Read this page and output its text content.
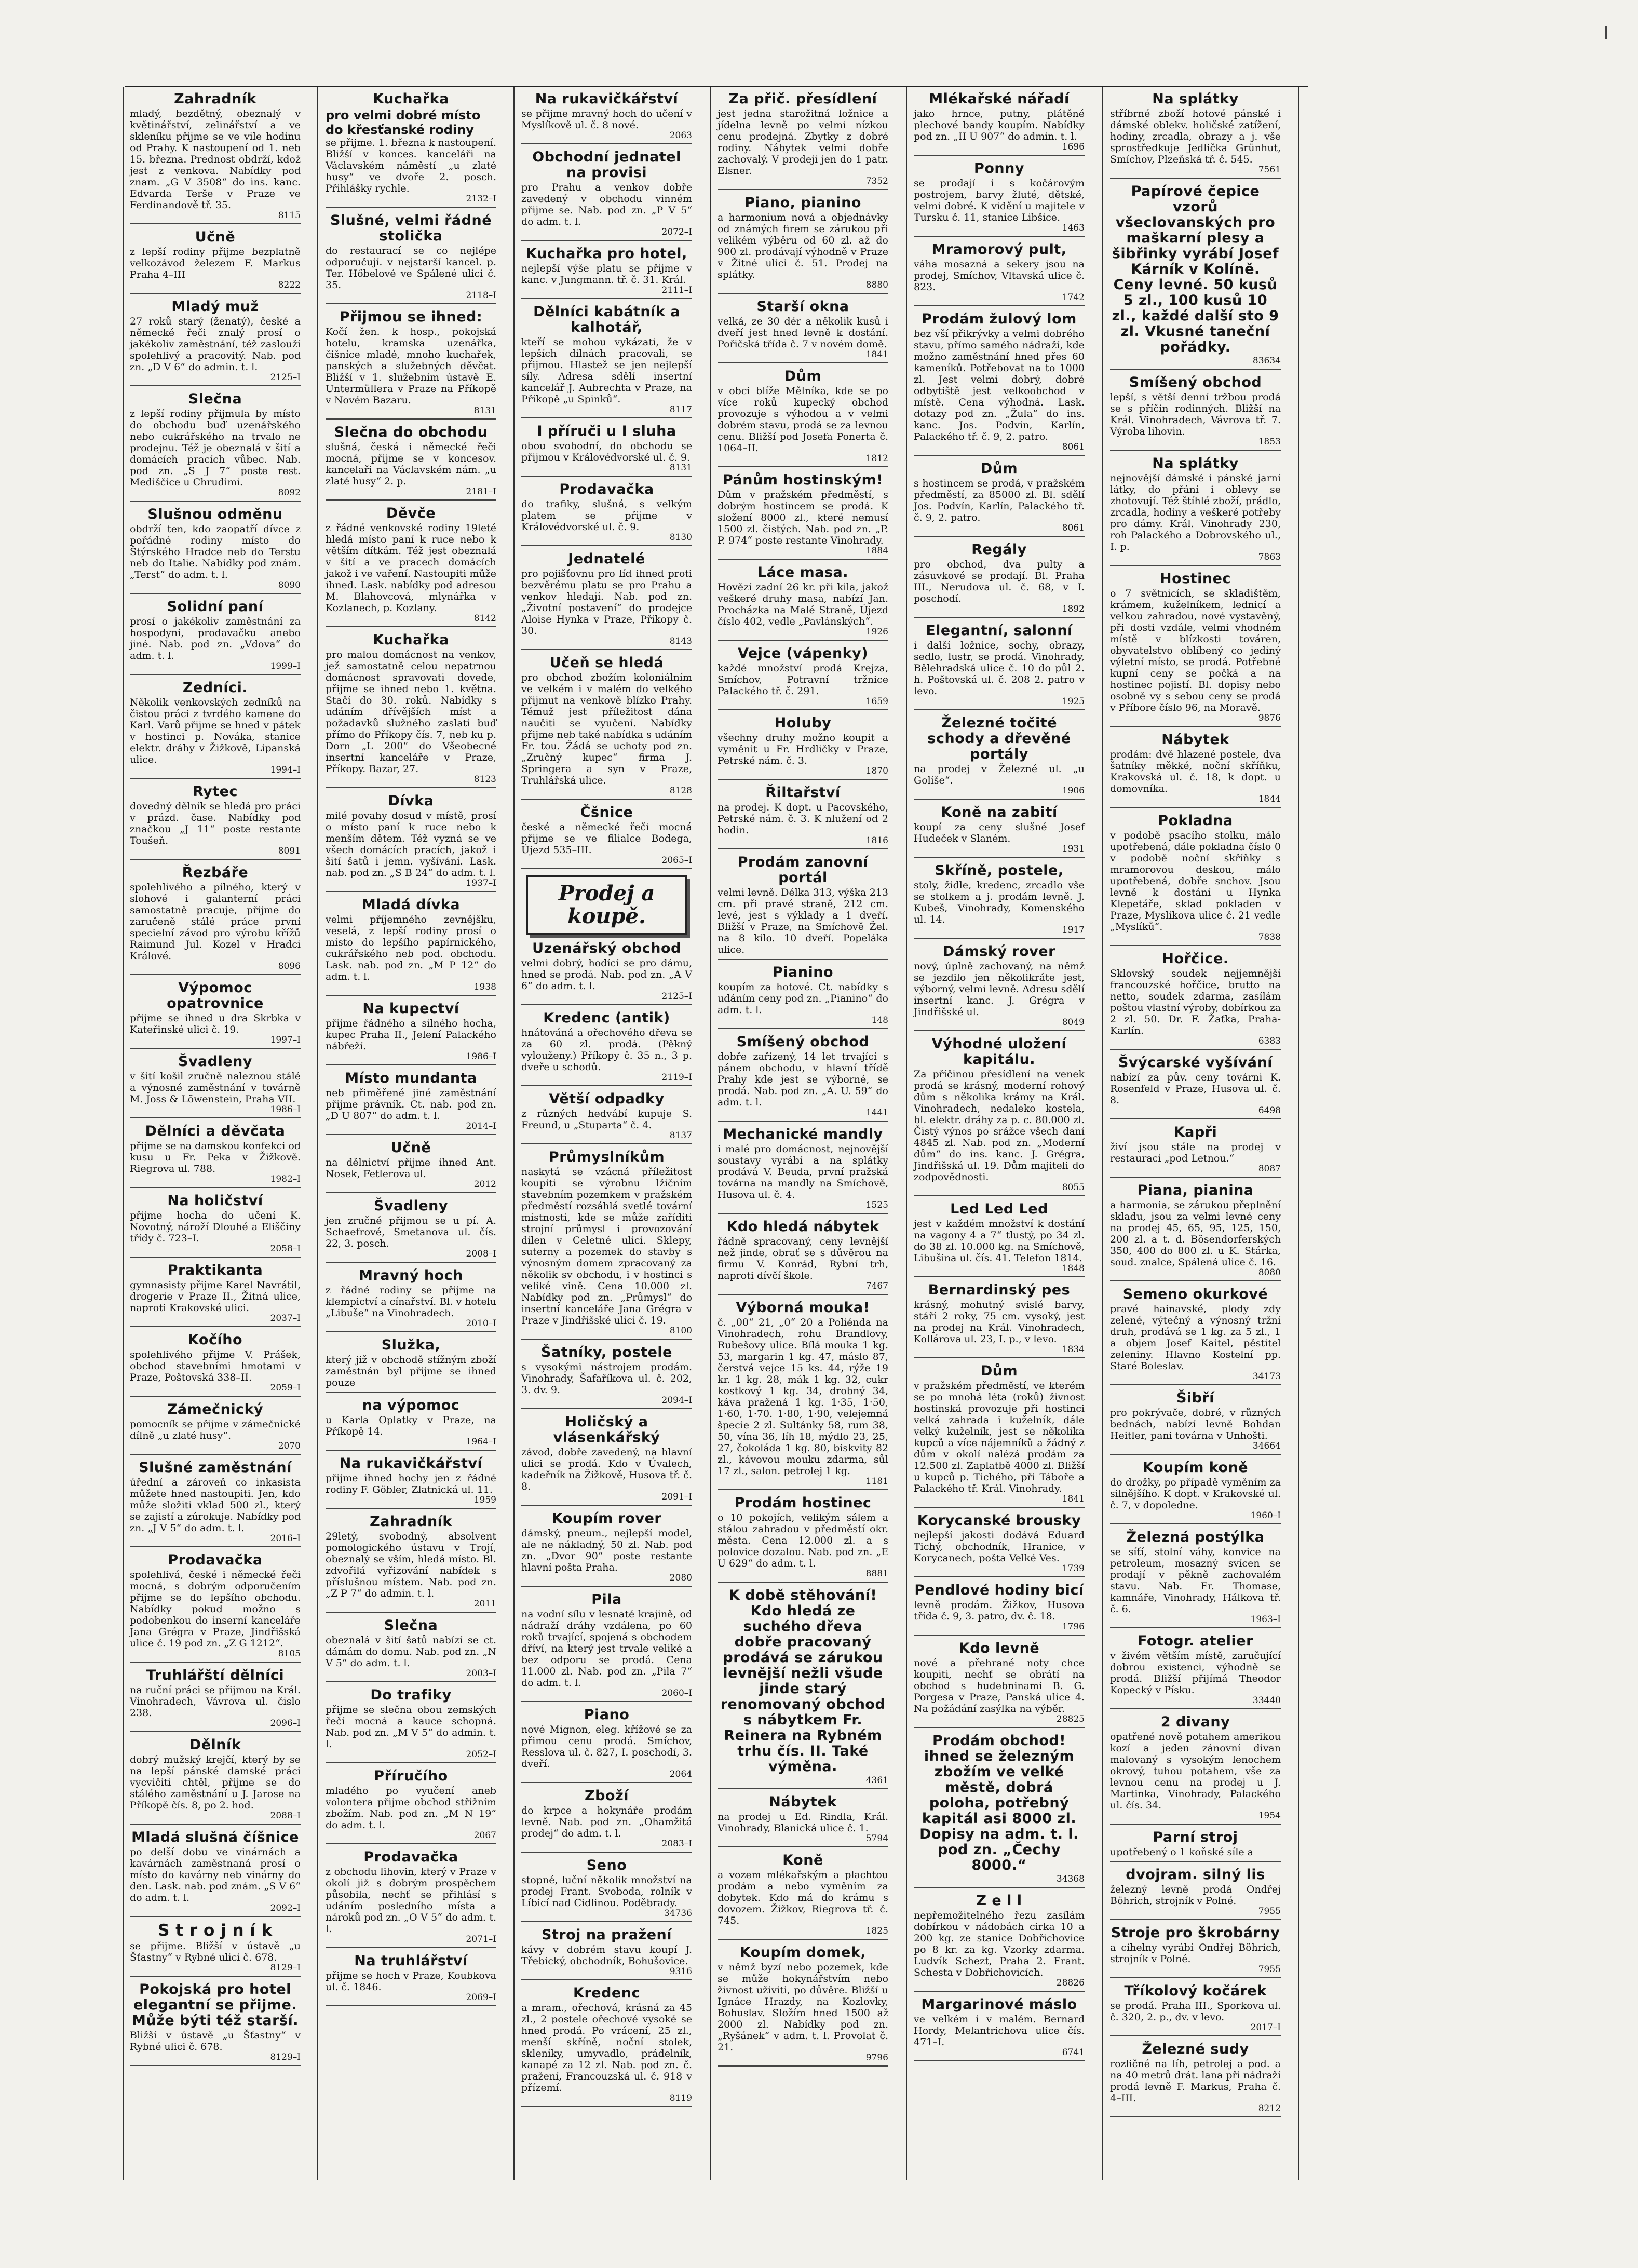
Zahradník

mladý, bezdětný, obeznalý v květinářství, zelinářství a ve skleníku přijme se ve vile hodinu od Prahy. K nastoupení od 1. neb 15. března. Prednost obdrží, kdož jest z venkova. Nabídky pod znam. „G V 3508“ do ins. kanc. Edvarda Terše v Praze ve Ferdinandově tř. 35.

8115
Učně

z lepší rodiny přijme bezplatně velkozávod železem F. Markus Praha 4–III

8222
Mladý muž

27 roků starý (ženatý), české a německé řeči znalý prosí o jakékoliv zaměstnání, též zaslouží spolehlivý a pracovitý. Nab. pod zn. „D V 6“ do admin. t. l.

2125–I
Slečna

z lepší rodiny přijmula by místo do obchodu buď uzenářského nebo cukrářského na trvalo ne prodejnu. Též je obeznalá v šití a domácích pracích vůbec. Nab. pod zn. „S J 7“ poste rest. Mediščice u Chrudimi.

8092
Slušnou odměnu

obdrží ten, kdo zaopatří dívce z pořádné rodiny místo do Štýrského Hradce neb do Terstu neb do Italie. Nabídky pod znám. „Terst“ do adm. t. l.

8090
Solidní paní

prosí o jakékoliv zaměstnání za hospodyni, prodavačku anebo jiné. Nab. pod zn. „Vdova“ do adm. t. l.

1999–I
Zedníci.

Několik venkovských zedníků na čistou práci z tvrdého kamene do Karl. Varů přijme se hned v pátek v hostinci p. Nováka, stanice elektr. dráhy v Žižkově, Lipanská ulice.

1994–I
Rytec

dovedný dělník se hledá pro práci v prázd. čase. Nabídky pod značkou „J 11“ poste restante Toušeň.

8091
Řezbáře

spolehlivého a pilného, který v slohové i galanterní práci samostatně pracuje, přijme do zaručeně stálé práce první specielní závod pro výrobu křížů Raimund Jul. Kozel v Hradci Králové.

8096
Výpomoc opatrovnice

přijme se ihned u dra Skrbka v Kateřinské ulici č. 19.

1997–I
Švadleny

v šití košil zručně naleznou stálé a výnosné zaměstnání v továrně M. Joss & Löwenstein, Praha VII.

1986–I
Dělníci a děvčata

přijme se na damskou konfekci od kusu u Fr. Peka v Žižkově. Riegrova ul. 788.

1982–I
Na holičství

přijme hocha do učení K. Novotný, nároží Dlouhé a Eliščiny třídy č. 723–I.

2058–I
Praktikanta

gymnasisty přijme Karel Navrátil, drogerie v Praze II., Žitná ulice, naproti Krakovské ulici.

2037–I
Kočího

spolehlivého přijme V. Prášek, obchod stavebními hmotami v Praze, Poštovská 338–II.

2059–I
Zámečnický

pomocník se přijme v zámečnické dílně „u zlaté husy“.

2070
Slušné zaměstnání

úřední a zároveň co inkasista můžete hned nastoupiti. Jen, kdo může složiti vklad 500 zl., který se zajistí a zúrokuje. Nabídky pod zn. „J V 5“ do adm. t. l.

2016–I
Prodavačka

spolehlivá, české i německé řeči mocná, s dobrým odporučením přijme se do lepšího obchodu. Nabídky pokud možno s podobenkou do inserní kanceláře Jana Grégra v Praze, Jindřišská ulice č. 19 pod zn. „Z G 1212“.

8105
Truhlářští dělníci

na ruční práci se přijmou na Král. Vinohradech, Vávrova ul. čislo 238.

2096–I
Dělník

dobrý mužský krejčí, který by se na lepší pánské damské práci vycvičiti chtěl, přijme se do stálého zaměstnání u J. Jarose na Příkopě čís. 8, po 2. hod.

2088–I
Mladá slušná číšnice

po delší dobu ve vinárnách a kavárnách zaměstnaná prosí o místo do kavárny neb vinárny do den. Lask. nab. pod znám. „S V 6“ do adm. t. l.

2092–I
S t r o j n í k

se přijme. Bližší v ústavě „u Šťastny“ v Rybné ulici č. 678.

8129–I
Pokojská pro hotel elegantní se přijme. Může býti též starší.

Bližší v ústavě „u Šťastny“ v Rybné ulici č. 678.

8129–I
Kuchařka

pro velmi dobré místo do křesťanské rodiny

se přijme. 1. března k nastoupení. Bližší v konces. kanceláři na Václavském náměstí „u zlaté husy“ ve dvoře 2. posch. Přihlášky rychle.

2132–I
Slušné, velmi řádné stolička

do restaurací se co nejlépe odporučují. v nejstarší kancel. p. Ter. Hőbelové ve Spálené ulici č. 35.

2118–I
Přijmou se ihned:

Kočí žen. k hosp., pokojská hotelu, kramska uzenářka, čišníce mladé, mnoho kuchařek, panských a služebných děvčat. Bližší v 1. služebním ústavě E. Untermüllera v Praze na Příkopě v Novém Bazaru.

8131
Slečna do obchodu

slušná, česká i německé řeči mocná, přijme se v koncesov. kancelaři na Václavském nám. „u zlaté husy“ 2. p.

2181–I
Děvče

z řádné venkovské rodiny 19leté hledá místo paní k ruce nebo k větším dítkám. Též jest obeznalá v šití a ve pracech domácích jakož i ve vaření. Nastoupiti může ihned. Lask. nabídky pod adresou M. Blahovcová, mlynářka v Kozlanech, p. Kozlany.

8142
Kuchařka

pro malou domácnost na venkov, jež samostatně celou nepatrnou domácnost spravovati dovede, přijme se ihned nebo 1. května. Stačí do 30. roků. Nabídky s udáním dřívějších míst a požadavků služného zaslati buď přímo do Příkopy čís. 7, neb ku p. Dorn „L 200“ do Všeobecné insertní kanceláře v Praze, Příkopy. Bazar, 27.

8123
Dívka

milé povahy dosud v místě, prosí o místo paní k ruce nebo k menším dětem. Též vyzná se ve všech domácích pracích, jakož i šití šatů i jemn. vyšívání. Lask. nab. pod zn. „S B 24“ do adm. t. l.

1937–I
Mladá dívka

velmi příjemného zevnějšku, veselá, z lepší rodiny prosí o místo do lepšího papírnického, cukrářského neb pod. obchodu. Lask. nab. pod zn. „M P 12“ do adm. t. l.

1938
Na kupectví

přijme řádného a silného hocha, kupec Praha II., Jelení Palackého nábřeží.

1986–I
Místo mundanta

neb přiměřené jiné zaměstnání přijme právník. Ct. nab. pod zn. „D U 807“ do adm. t. l.

2014–I
Učně

na dělnictví přijme ihned Ant. Nosek, Fetlerova ul.

2012
Švadleny

jen zručné přijmou se u pí. A. Schaefrové, Smetanova ul. čís. 22, 3. posch.

2008–I
Mravný hoch

z řádné rodiny se přijme na klempictví a cínařství. Bl. v hotelu „Libuše“ na Vinohradech.

2010–I
Služka,

který již v obchodě stížným zboží zaměstnán byl přijme se ihned pouze

na výpomoc

u Karla Oplatky v Praze, na Příkopě 14.

1964–I
Na rukavičkářství

přijme ihned hochy jen z řádné rodiny F. Göbler, Zlatnická ul. 11.

1959
Zahradník

29letý, svobodný, absolvent pomologického ústavu v Trojí, obeznalý se vším, hledá místo. Bl. zdvořilá vyřizování nabídek s příslušnou místem. Nab. pod zn. „Z P 7“ do admin. t. l.

2011
Slečna

obeznalá v šití šatů nabízí se ct. dámám do domu. Nab. pod zn. „N V 5“ do adm. t. l.

2003–I
Do trafiky

přijme se slečna obou zemských řečí mocná a kauce schopná. Nab. pod zn. „M V 5“ do admin. t. l.

2052–I
Příručího

mladého po vyučení aneb volontera přijme obchod střižním zbožím. Nab. pod zn. „M N 19“ do adm. t. l.

2067
Prodavačka

z obchodu lihovin, který v Praze v okolí již s dobrým prospěchem působila, nechť se přihlásí s udáním posledního místa a nároků pod zn. „O V 5“ do adm. t. l.

2071–I
Na truhlářství

přijme se hoch v Praze, Koubkova ul. č. 1846.

2069–I
Na rukavičkářství

se přijme mravný hoch do učení v Myslíkově ul. č. 8 nové.

2063
Obchodní jednatel na provisi

pro Prahu a venkov dobře zavedený v obchodu vinném přijme se. Nab. pod zn. „P V 5“ do adm. t. l.

2072–I
Kuchařka pro hotel,

nejlepší výše platu se přijme v kanc. v Jungmann. tř. č. 31. Král.

2111–I
Dělníci kabátník a kalhotář,

kteří se mohou vykázati, že v lepších dílnách pracovali, se přijmou. Hlastež se jen nejlepší síly. Adresa sdělí insertní kancelář J. Aubrechta v Praze, na Příkopě „u Spinků“.

8117
I příruči u I sluha

obou svobodní, do obchodu se přijmou v Královédvorské ul. č. 9.

8131
Prodavačka

do trafiky, slušná, s velkým platem se přijme v Královédvorské ul. č. 9.

8130
Jednatelé

pro pojišťovnu pro líd ihned proti bezvěrému platu se pro Prahu a venkov hledají. Nab. pod zn. „Životní postavení“ do prodejce Aloise Hynka v Praze, Příkopy č. 30.

8143
Učeň se hledá

pro obchod zbožím koloniálním ve velkém i v malém do velkého přijmut na venkově blízko Prahy. Témuž jest příležitost dána naučiti se vyučení. Nabídky přijme neb také nabídka s udáním Fr. tou. Žádá se uchoty pod zn. „Zručný kupec“ firma J. Springera a syn v Praze, Truhlářská ulice.

8128
Čšnice

české a německé řeči mocná přijme se ve filialce Bodega, Újezd 535–III.

2065–I
Prodej a koupě.
Uzenářský obchod

velmi dobrý, hodící se pro dámu, hned se prodá. Nab. pod zn. „A V 6“ do adm. t. l.

2125–I
Kredenc (antik)

hnátováná a ořechového dřeva se za 60 zl. prodá. (Pěkný vylouženy.) Příkopy č. 35 n., 3 p. dveře u schodů.

2119–I
Větší odpadky

z různých hedvábí kupuje S. Freund, u „Stuparta“ č. 4.

8137
Průmyslníkům

naskytá se vzácná příležitost koupiti se výrobnu lžičním stavebním pozemkem v pražském předměstí rozsáhlá svetlé tovární místnosti, kde se může zaříditi strojní průmysl i provozování dílen v Celetné ulici. Sklepy, suterny a pozemek do stavby s výnosným domem zpracovaný za několik sv obchodu, i v hostinci s veliké vině. Cena 10.000 zl. Nabídky pod zn. „Průmysl“ do insertní kanceláře Jana Grégra v Praze v Jindřišské ulici č. 19.

8100
Šatníky, postele

s vysokými nástrojem prodám. Vinohrady, Šafaříkova ul. č. 202, 3. dv. 9.

2094–I
Holičský a vlásenkářský

závod, dobře zavedený, na hlavní ulici se prodá. Kdo v Úvalech, kadeřník na Žižkově, Husova tř. č. 8.

2091–I
Koupím rover

dámský, pneum., nejlepší model, ale ne nákladný, 50 zl. Nab. pod zn. „Dvor 90“ poste restante hlavní pošta Praha.

2080
Pila

na vodní sílu v lesnaté krajině, od nádraží dráhy vzdálena, po 60 roků trvající, spojená s obchodem dříví, na který jest trvale veliké a bez odporu se prodá. Cena 11.000 zl. Nab. pod zn. „Pila 7“ do adm. t. l.

2060–I
Piano

nové Mignon, eleg. křížové se za přimou cenu prodá. Smíchov, Resslova ul. č. 827, I. poschodí, 3. dveří.

2064
Zboží

do krpce a hokynáře prodám levně. Nab. pod zn. „Ohamžitá prodej“ do adm. t. l.

2083–I
Seno

stopné, luční několik množství na prodej Frant. Svoboda, rolník v Líbicí nad Cidlinou. Poděbrady.

34736
Stroj na pražení

kávy v dobrém stavu koupí J. Třebický, obchodník, Bohušovice.

9316
Kredenc

a mram., ořechová, krásná za 45 zl., 2 postele ořechové vysoké se hned prodá. Po vrácení, 25 zl., menší skříně, noční stolek, skleníky, umyvadlo, prádelník, kanapé za 12 zl. Nab. pod zn. č. pražení, Francouzská ul. č. 918 v přízemí.

8119
Za přič. přesídlení

jest jedna starožitná ložnice a jídelna levně po velmi nízkou cenu prodejná. Zbytky z dobré rodiny. Nábytek velmi dobře zachovalý. V prodeji jen do 1 patr. Elsner.

7352
Piano, pianino

a harmonium nová a objednávky od známých firem se zárukou při velikém výběru od 60 zl. až do 900 zl. prodávají výhodně v Praze v Žitné ulici č. 51. Prodej na splátky.

8880
Starší okna

velká, ze 30 dér a několik kusů i dveří jest hned levně k dostání. Pořičská třída č. 7 v novém domě.

1841
Dům

v obci blíže Mělníka, kde se po více roků kupecký obchod provozuje s výhodou a v velmi dobrém stavu, prodá se za levnou cenu. Bližší pod Josefa Ponerta č. 1064–II.

1812
Pánům hostinským!

Dům v pražském předměstí, s dobrým hostincem se prodá. K složení 8000 zl., které nemusí 1500 zl. čistých. Nab. pod zn. „P. P. 974“ poste restante Vinohrady.

1884
Láce masa.

Hovězí zadní 26 kr. při kila, jakož veškeré druhy masa, nabízí Jan. Procházka na Malé Straně, Újezd číslo 402, vedle „Pavlánských“.

1926
Vejce (vápenky)

každé množství prodá Krejza, Smíchov, Potravní tržnice Palackého tř. č. 291.

1659
Holuby

všechny druhy možno koupit a vyměnit u Fr. Hrdličky v Praze, Petrské nám. č. 3.

1870
Řiltařství

na prodej. K dopt. u Pacovského, Petrské nám. č. 3. K nlužení od 2 hodin.

1816
Prodám zanovní portál

velmi levně. Délka 313, výška 213 cm. při pravé straně, 212 cm. levé, jest s výklady a 1 dveří. Bližší v Praze, na Smíchově Žel. na 8 kilo. 10 dveří. Popeláka ulice.

Pianino

koupím za hotové. Ct. nabídky s udáním ceny pod zn. „Pianino“ do adm. t. l.

148
Smíšený obchod

dobře zařízený, 14 let trvající s pánem obchodu, v hlavní třídě Prahy kde jest se výborné, se prodá. Nab. pod zn. „A. U. 59“ do adm. t. l.

1441
Mechanické mandly

i malé pro domácnost, nejnovější soustavy vyrábí a na splátky prodává V. Beuda, první pražská továrna na mandly na Smíchově, Husova ul. č. 4.

1525
Kdo hledá nábytek

řádně spracovaný, ceny levnější než jinde, obrať se s důvěrou na firmu V. Konrád, Rybní trh, naproti dívčí škole.

7467
Výborná mouka!

č. „00“ 21, „0“ 20 a Poliénda na Vinohradech, rohu Brandlovy, Rubešovy ulice. Bílá mouka 1 kg. 53, margarin 1 kg. 47, máslo 87, čerstvá vejce 15 ks. 44, rýže 19 kr. 1 kg. 28, mák 1 kg. 32, cukr kostkový 1 kg. 34, drobný 34, káva pražená 1 kg. 1·35, 1·50, 1·60, 1·70. 1·80, 1·90, velejemná špecie 2 zl. Sultánky 58, rum 38, 50, vína 36, líh 18, mýdlo 23, 25, 27, čokoláda 1 kg. 80, biskvity 82 zl., kávovou mouku zdarma, sůl 17 zl., salon. petrolej 1 kg.

1181
Prodám hostinec

o 10 pokojích, velikým sálem a stálou zahradou v předměstí okr. města. Cena 12.000 zl. a s polovice dozalou. Nab. pod zn. „E U 629“ do adm. t. l.

8881
K době stěhování! Kdo hledá ze suchého dřeva dobře pracovaný prodává se zárukou levnější nežli všude jinde starý renomovaný obchod s nábytkem Fr. Reinera na Rybném trhu čís. II. Také výměna.
4361
Nábytek

na prodej u Ed. Rindla, Král. Vinohrady, Blanická ulice č. 1.

5794
Koně

a vozem mlékařským a plachtou prodám a nebo vyměním za dobytek. Kdo má do krámu s dovozem. Žižkov, Riegrova tř. č. 745.

1825
Koupím domek,

v němž byzí nebo pozemek, kde se může hokynářstvím nebo živnost uživiti, po důvěre. Bližší u Ignáce Hrazdy, na Kozlovky, Bohuslav. Složím hned 1500 až 2000 zl. Nabídky pod zn. „Ryšánek“ v adm. t. l. Provolat č. 21.

9796
Mlékařské nářadí

jako hrnce, putny, plátěné plechové bandy koupím. Nabídky pod zn. „II U 907“ do admin. t. l.

1696
Ponny

se prodají i s kočárovým postrojem, barvy žluté, dětské, velmi dobré. K vidění u majitele v Tursku č. 11, stanice Libšice.

1463
Mramorový pult,

váha mosazná a sekery jsou na prodej, Smíchov, Vltavská ulice č. 823.

1742
Prodám žulový lom

bez vší přikrývky a velmi dobrého stavu, přímo samého nádraží, kde možno zaměstnání hned přes 60 kameníků. Potřebovat na to 1000 zl. Jest velmi dobrý, dobré odbytiště jest velkoobchod v místě. Cena výhodná. Lask. dotazy pod zn. „Žula“ do ins. kanc. Jos. Podvín, Karlín, Palackého tř. č. 9, 2. patro.

8061
Dům

s hostincem se prodá, v pražském předměstí, za 85000 zl. Bl. sdělí Jos. Podvín, Karlín, Palackého tř. č. 9, 2. patro.

8061
Regály

pro obchod, dva pulty a zásuvkové se prodají. Bl. Praha III., Nerudova ul. č. 68, v I. poschodí.

1892
Elegantní, salonní

i další ložnice, sochy, obrazy, sedlo, lustr, se prodá. Vinohrady, Bělehradská ulice č. 10 do půl 2. h. Poštovská ul. č. 208 2. patro v levo.

1925
Železné točité schody a dřevěné portály

na prodej v Železné ul. „u Golíše“.

1906
Koně na zabití

koupí za ceny slušné Josef Hudeček v Slaném.

1931
Skříně, postele,

stoly, židle, kredenc, zrcadlo vše se stolkem a j. prodám levně. J. Kubeš, Vinohrady, Komenského ul. 14.

1917
Dámský rover

nový, úplně zachovaný, na němž se jezdilo jen několikráte jest, výborný, velmi levně. Adresu sdělí insertní kanc. J. Grégra v Jindřišské ul.

8049
Výhodné uložení kapitálu.

Za příčinou přesídlení na venek prodá se krásný, moderní rohový dům s několika krámy na Král. Vinohradech, nedaleko kostela, bl. elektr. dráhy za p. c. 80.000 zl. Čistý výnos po srážce všech daní 4845 zl. Nab. pod zn. „Moderní dům“ do ins. kanc. J. Grégra, Jindřišská ul. 19. Dům majiteli do zodpovědnosti.

8055
Led Led Led

jest v každém množství k dostání na vagony 4 a 7“ tlustý, po 34 zl. do 38 zl. 10.000 kg. na Smíchově, Libušina ul. čís. 41. Telefon 1814.

1848
Bernardinský pes

krásný, mohutný svislé barvy, stáří 2 roky, 75 cm. vysoký, jest na prodej na Král. Vinohradech, Kollárova ul. 23, I. p., v levo.

1834
Dům

v pražském předměstí, ve kterém se po mnohá léta (roků) živnost hostinská provozuje při hostinci velká zahrada i kuželník, dále velký kuželník, jest se několika kupců a více nájemníků a žádný z dům v okolí nalézá prodám za 12.500 zl. Zaplatbě 4000 zl. Bližší u kupců p. Tichého, při Táboře a Palackého tř. Král. Vinohrady.

1841
Korycanské brousky

nejlepší jakosti dodává Eduard Tichý, obchodník, Hranice, v Korycanech, pošta Velké Ves.

1739
Pendlové hodiny bicí

levně prodám. Žižkov, Husova třída č. 9, 3. patro, dv. č. 18.

1796
Kdo levně

nové a přehrané noty chce koupiti, nechť se obrátí na obchod s hudebninami B. G. Porgesa v Praze, Panská ulice 4. Na požádání zasýlka na výběr.

28825
Prodám obchod! ihned se železným zbožím ve velké městě, dobrá poloha, potřebný kapitál asi 8000 zl. Dopisy na adm. t. l. pod zn. „Čechy 8000.“
34368
Z e l l

nepřemožitelného řezu zasílám dobírkou v nádobách cirka 10 a 200 kg. ze stanice Dobřichovice po 8 kr. za kg. Vzorky zdarma. Ludvík Schezt, Praha 2. Frant. Schesta v Dobřichovicích.

28826
Margarinové máslo

ve velkém i v malém. Bernard Hordy, Melantrichova ulice čís. 471–I.

6741
Na splátky

stříbrné zboží hotové pánské i dámské oblekv. holičské zatížení, hodiny, zrcadla, obrazy a j. vše sprostředkuje Jedlička Grünhut, Smíchov, Plzeňská tř. č. 545.

7561
Papírové čepice vzorů všeclovanských pro maškarní plesy a šibřinky vyrábí Josef Kárník v Kolíně. Ceny levné. 50 kusů 5 zl., 100 kusů 10 zl., každé další sto 9 zl. Vkusné taneční pořádky.
83634
Smíšený obchod

lepší, s větší denní tržbou prodá se s příčin rodinných. Bližší na Král. Vinohradech, Vávrova tř. 7. Výroba lihovin.

1853
Na splátky

nejnovější dámské i pánské jarní látky, do přání i oblevy se zhotovují. Též štíhlé zboží, prádlo, zrcadla, hodiny a veškeré potřeby pro dámy. Král. Vinohrady 230, roh Palackého a Dobrovského ul., I. p.

7863
Hostinec

o 7 světnicích, se skladištěm, krámem, kuželníkem, lednicí a velkou zahradou, nové vystavěný, při dosti vzdále, velmi vhodném místě v blízkosti továren, obyvatelstvo oblíbený co jediný výletní místo, se prodá. Potřebné kupní ceny se počká a na hostinec pojistí. Bl. dopisy nebo osobně vy s sebou ceny se prodá v Příbore číslo 96, na Moravě.

9876
Nábytek

prodám: dvě hlazené postele, dva šatníky měkké, noční skříňku, Krakovská ul. č. 18, k dopt. u domovníka.

1844
Pokladna

v podobě psacího stolku, málo upotřebená, dále pokladna číslo 0 v podobě noční skříňky s mramorovou deskou, málo upotřebená, dobře snchov. Jsou levně k dostání u Hynka Klepetáře, sklad pokladen v Praze, Myslíkova ulice č. 21 vedle „Myslíků“.

7838
Hořčice.

Sklovský soudek nejjemnější francouzské hořčice, brutto na netto, soudek zdarma, zasílám poštou vlastní výroby, dobírkou za 2 zl. 50. Dr. F. Žaťka, Praha-Karlín.

6383
Švýcarské vyšívání

nabízí za pův. ceny továrni K. Rosenfeld v Praze, Husova ul. č. 8.

6498
Kapři

živí jsou stále na prodej v restauraci „pod Letnou.“

8087
Piana, pianina

a harmonia, se zárukou přeplnění skladu, jsou za velmi levné ceny na prodej 45, 65, 95, 125, 150, 200 zl. a t. d. Bösendorferských 350, 400 do 800 zl. u K. Stárka, soud. znalce, Spálená ulice č. 16.

8080
Semeno okurkové

pravé hainavské, plody zdy zelené, výtečný a výnosný tržní druh, prodává se 1 kg. za 5 zl., 1 a objem Josef Kaitel, pěstitel zeleniny. Hlavno Kostelní pp. Staré Boleslav.

34173
Šibří

pro pokrývače, dobré, v různých bednách, nabízí levně Bohdan Heitler, pani továrna v Unhošti.

34664
Koupím koně

do drožky, po případě vyměním za silnějšího. K dopt. v Krakovské ul. č. 7, v dopoledne.

1960–I
Železná postýlka

se síťí, stolní váhy, konvice na petroleum, mosazný svícen se prodají v pěkně zachovalém stavu. Nab. Fr. Thomase, kamnáře, Vinohrady, Hálkova tř. č. 6.

1963–I
Fotogr. atelier

v živém větším místě, zaručující dobrou existenci, výhodně se prodá. Bližší přijímá Theodor Kopecký v Písku.

33440
2 divany

opatřené nově potahem amerikou kozí a jeden zánovní divan malovaný s vysokým lenochem okrový, tuhou potahem, vše za levnou cenu na prodej u J. Martinka, Vinohrady, Palackého ul. čís. 34.

1954
Parní stroj

upotřebený o 1 koňské síle a

dvojram. silný lis

železný levně prodá Ondřej Böhrich, strojník v Polné.

7955
Stroje pro škrobárny

a cihelny vyrábí Ondřej Böhrich, strojník v Polné.

7955
Tříkolový kočárek

se prodá. Praha III., Sporkova ul. č. 320, 2. p., dv. v levo.

2017–I
Železné sudy

rozličné na líh, petrolej a pod. a na 40 metrů drát. lana při nádraží prodá levně F. Markus, Praha č. 4–III.

8212
